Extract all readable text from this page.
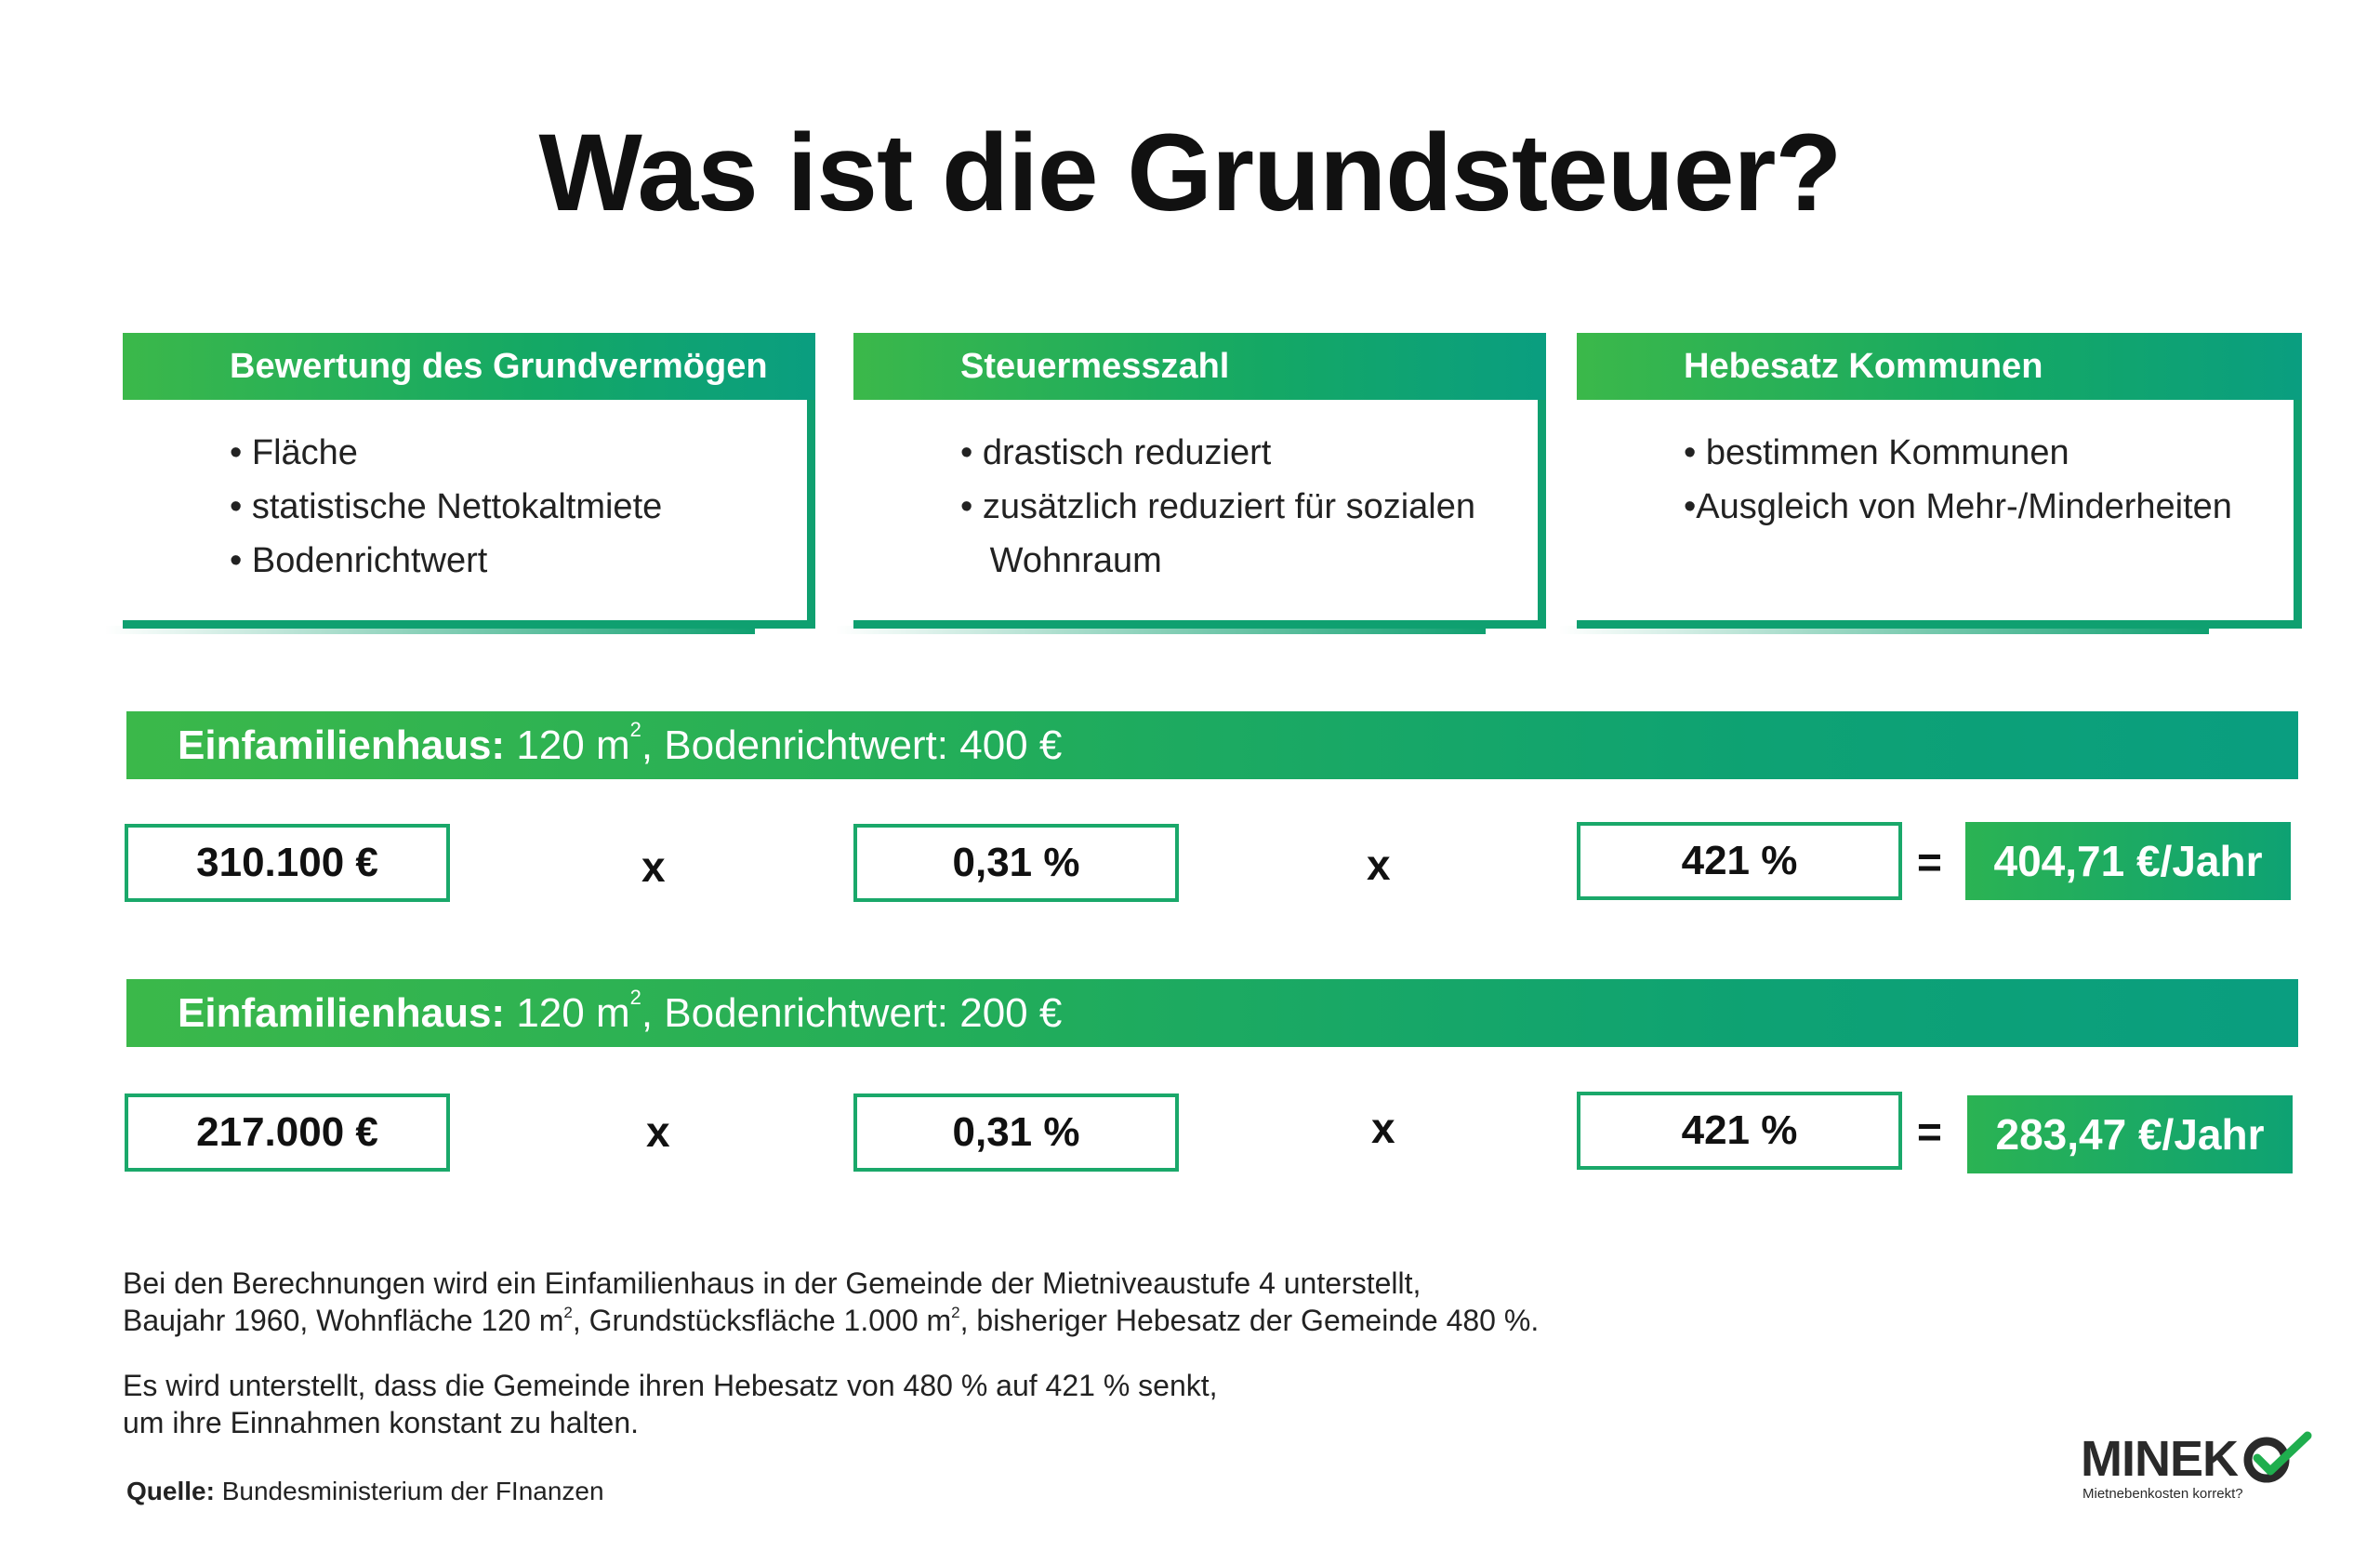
Was ist die Grundsteuer?
Bewertung des Grundvermögen
• Fläche
• statistische Nettokaltmiete
• Bodenrichtwert
Steuermesszahl
• drastisch reduziert
• zusätzlich reduziert für sozialen
Wohnraum
Hebesatz Kommunen
• bestimmen Kommunen
•Ausgleich von Mehr-/Minderheiten
Einfamilienhaus: 120 $m^2$, Bodenrichtwert: 400 €
310.100 €	x	0,31 %	x	421 %	=	404,71 €/Jahr
Einfamilienhaus: 120 $m^2$, Bodenrichtwert: 200 €
217.000 €	x	0,31 %	x	421 %	=	283,47 €/Jahr
Bei den Berechnungen wird ein Einfamilienhaus in der Gemeinde der Mietniveaustufe 4 unterstellt,
Baujahr 1960, Wohnfläche 120 $m^2$, Grundstücksfläche 1.000 $m^2$, bisheriger Hebesatz der Gemeinde 480 %.
Es wird unterstellt, dass die Gemeinde ihren Hebesatz von 480 % auf 421 % senkt,
um ihre Einnahmen konstant zu halten.
Quelle: Bundesministerium der FInanzen
MINEK
Mietnebenkosten korrekt?
